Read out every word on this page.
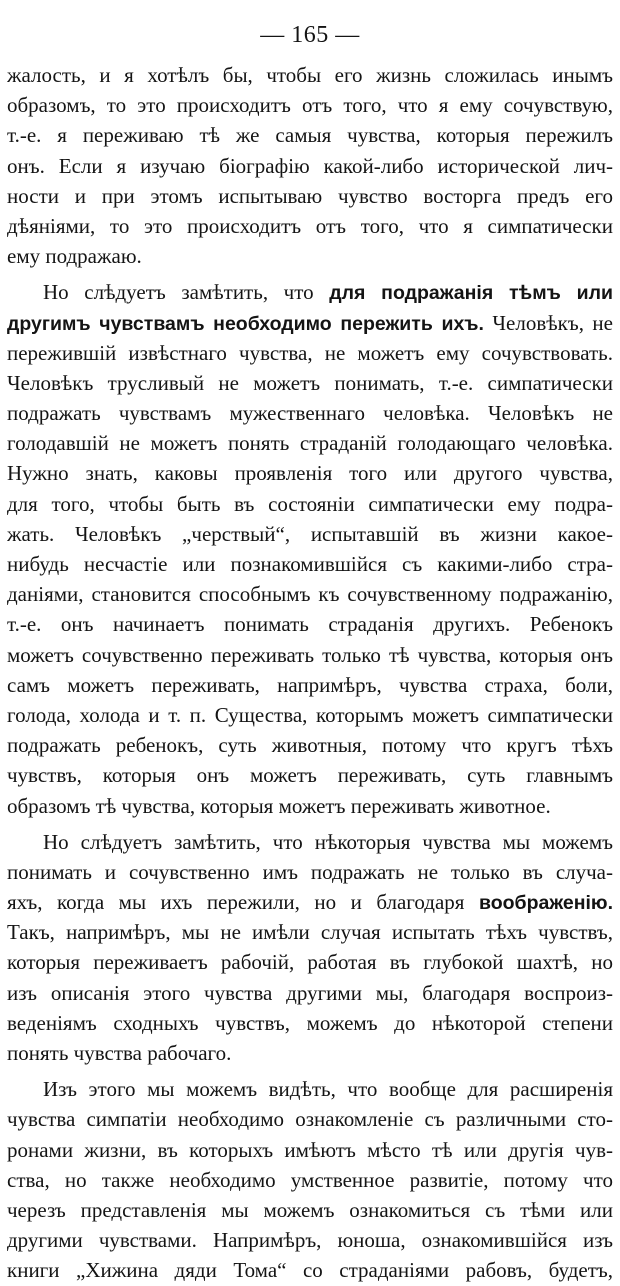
— 165 —
жалость, и я хотѣлъ бы, чтобы его жизнь сложилась инымъ
образомъ, то это происходитъ отъ того, что я ему сочувствую,
т.-е. я переживаю тѣ же самыя чувства, которыя пережилъ
онъ. Если я изучаю біографію какой-либо исторической лич-
ности и при этомъ испытываю чувство восторга предъ его
дѣяніями, то это происходитъ отъ того, что я симпатически
ему подражаю.
Но слѣдуетъ замѣтить, что для подражанія тѣмъ или
другимъ чувствамъ необходимо пережить ихъ. Человѣкъ, не
пережившій извѣстнаго чувства, не можетъ ему сочувствовать.
Человѣкъ трусливый не можетъ понимать, т.-е. симпатически
подражать чувствамъ мужественнаго человѣка. Человѣкъ не
голодавшій не можетъ понять страданій голодающаго человѣка.
Нужно знать, каковы проявленія того или другого чувства,
для того, чтобы быть въ состояніи симпатически ему подра-
жать. Человѣкъ „черствый“, испытавшій въ жизни какое-
нибудь несчастіе или познакомившійся съ какими-либо стра-
даніями, становится способнымъ къ сочувственному подражанію,
т.-е. онъ начинаетъ понимать страданія другихъ. Ребенокъ
можетъ сочувственно переживать только тѣ чувства, которыя онъ
самъ можетъ переживать, напримѣръ, чувства страха, боли,
голода, холода и т. п. Существа, которымъ можетъ симпатически
подражать ребенокъ, суть животныя, потому что кругъ тѣхъ
чувствъ, которыя онъ можетъ переживать, суть главнымъ
образомъ тѣ чувства, которыя можетъ переживать животное.
Но слѣдуетъ замѣтить, что нѣкоторыя чувства мы можемъ
понимать и сочувственно имъ подражать не только въ случа-
яхъ, когда мы ихъ пережили, но и благодаря воображенію.
Такъ, напримѣръ, мы не имѣли случая испытать тѣхъ чувствъ,
которыя переживаетъ рабочій, работая въ глубокой шахтѣ, но
изъ описанія этого чувства другими мы, благодаря воспроиз-
веденіямъ сходныхъ чувствъ, можемъ до нѣкоторой степени
понять чувства рабочаго.
Изъ этого мы можемъ видѣть, что вообще для расширенія
чувства симпатіи необходимо ознакомленіе съ различными сто-
ронами жизни, въ которыхъ имѣютъ мѣсто тѣ или другія чув-
ства, но также необходимо умственное развитіе, потому что
черезъ представленія мы можемъ ознакомиться съ тѣми или
другими чувствами. Напримѣръ, юноша, ознакомившійся изъ
книги „Хижина дяди Тома“ со страданіями рабовъ, будетъ,
